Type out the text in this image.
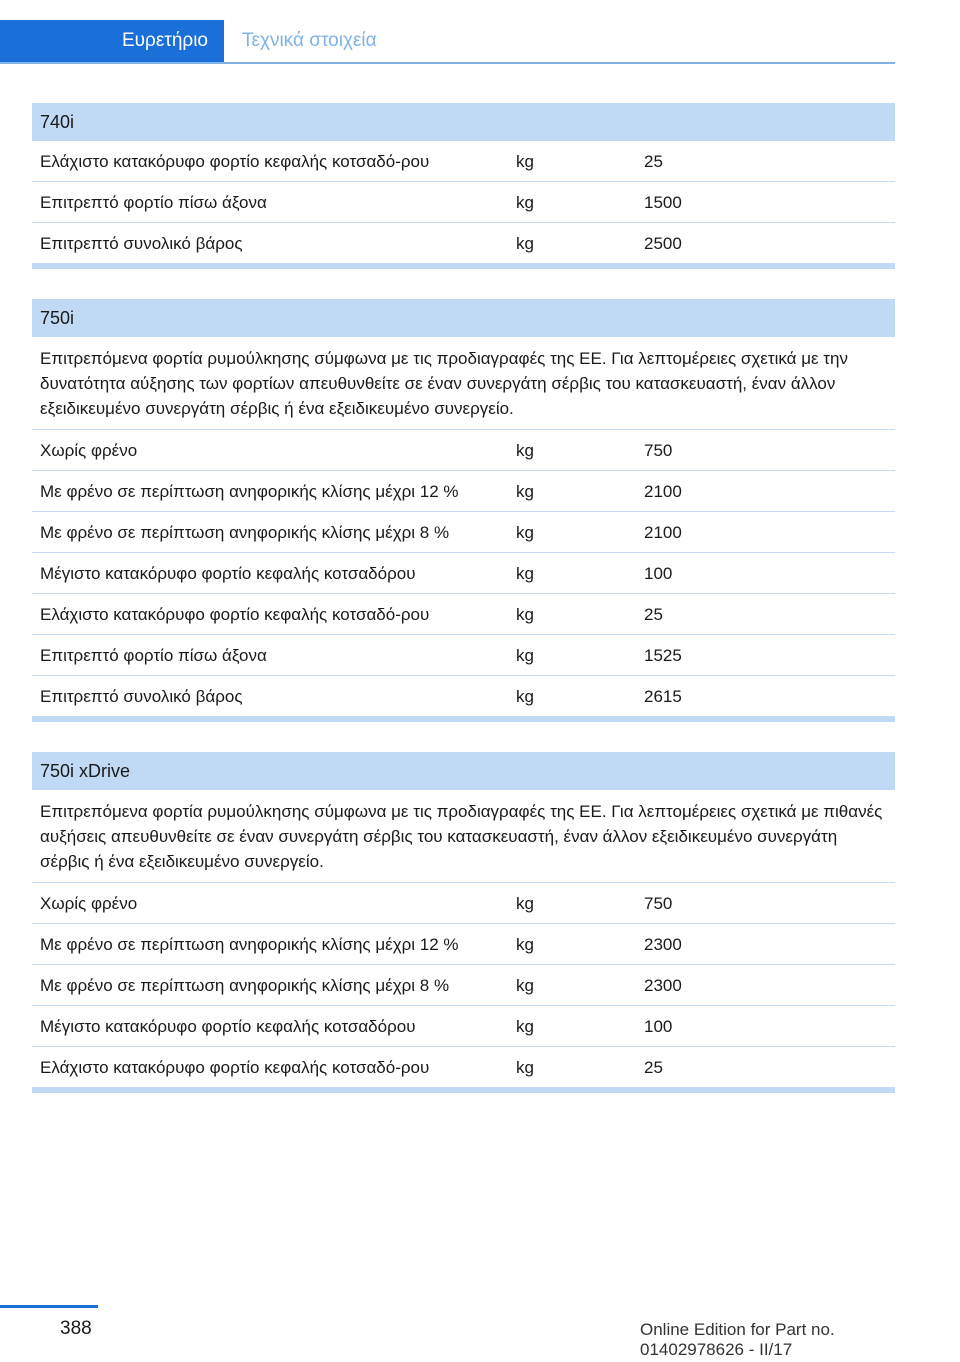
Ευρετήριο	Τεχνικά στοιχεία
740i
Ελάχιστο κατακόρυφο φορτίο κεφαλής κοτσαδό-ρου	kg	25
Επιτρεπτό φορτίο πίσω άξονα	kg	1500
Επιτρεπτό συνολικό βάρος	kg	2500
750i
Επιτρεπόμενα φορτία ρυμούλκησης σύμφωνα με τις προδιαγραφές της ΕΕ. Για λεπτομέρειες σχετικά με την δυνατότητα αύξησης των φορτίων απευθυνθείτε σε έναν συνεργάτη σέρβις του κατασκευαστή, έναν άλλον εξειδικευμένο συνεργάτη σέρβις ή ένα εξειδικευμένο συνεργείο.
Χωρίς φρένο	kg	750
Με φρένο σε περίπτωση ανηφορικής κλίσης μέχρι 12 %	kg	2100
Με φρένο σε περίπτωση ανηφορικής κλίσης μέχρι 8 %	kg	2100
Μέγιστο κατακόρυφο φορτίο κεφαλής κοτσαδόρου	kg	100
Ελάχιστο κατακόρυφο φορτίο κεφαλής κοτσαδό-ρου	kg	25
Επιτρεπτό φορτίο πίσω άξονα	kg	1525
Επιτρεπτό συνολικό βάρος	kg	2615
750i xDrive
Επιτρεπόμενα φορτία ρυμούλκησης σύμφωνα με τις προδιαγραφές της ΕΕ. Για λεπτομέρειες σχετικά με πιθανές αυξήσεις απευθυνθείτε σε έναν συνεργάτη σέρβις του κατασκευαστή, έναν άλλον εξειδικευμένο συνεργάτη σέρβις ή ένα εξειδικευμένο συνεργείο.
Χωρίς φρένο	kg	750
Με φρένο σε περίπτωση ανηφορικής κλίσης μέχρι 12 %	kg	2300
Με φρένο σε περίπτωση ανηφορικής κλίσης μέχρι 8 %	kg	2300
Μέγιστο κατακόρυφο φορτίο κεφαλής κοτσαδόρου	kg	100
Ελάχιστο κατακόρυφο φορτίο κεφαλής κοτσαδό-ρου	kg	25
388	Online Edition for Part no. 01402978626 - II/17
